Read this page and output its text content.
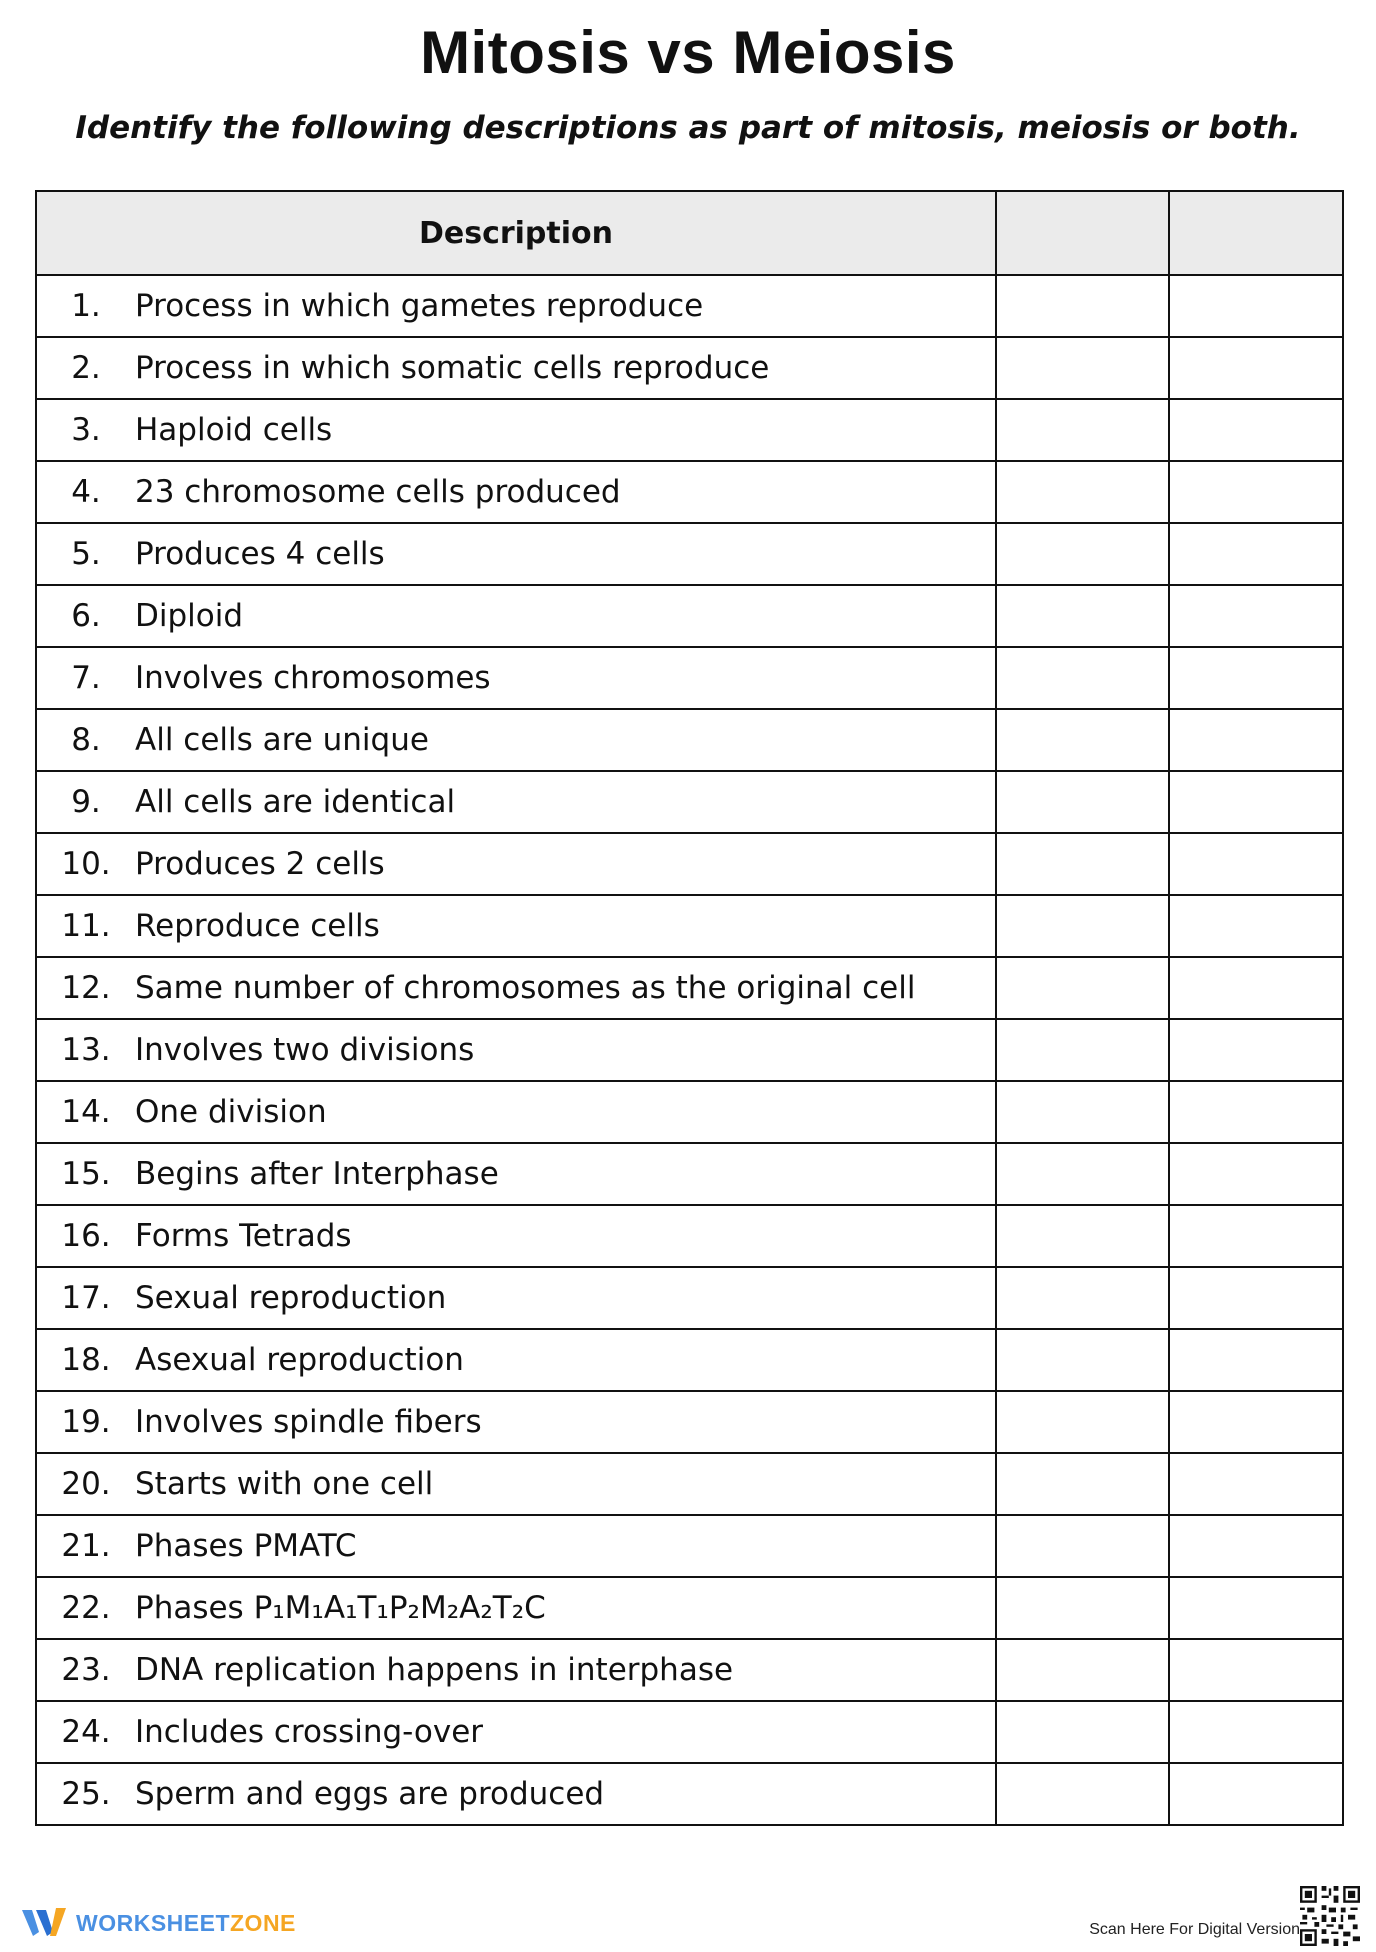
Mitosis vs Meiosis
Identify the following descriptions as part of mitosis, meiosis or both.
Description		

1. Process in which gametes reproduce		

2. Process in which somatic cells reproduce		

3. Haploid cells		

4. 23 chromosome cells produced		

5. Produces 4 cells		

6. Diploid		

7. Involves chromosomes		

8. All cells are unique		

9. All cells are identical		

10. Produces 2 cells		

11. Reproduce cells		

12. Same number of chromosomes as the original cell		

13. Involves two divisions		

14. One division		

15. Begins after Interphase		

16. Forms Tetrads		

17. Sexual reproduction		

18. Asexual reproduction		

19. Involves spindle fibers		

20. Starts with one cell		

21. Phases PMATC		

22. Phases P₁M₁A₁T₁P₂M₂A₂T₂C		

23. DNA replication happens in interphase		

24. Includes crossing-over		

25. Sperm and eggs are produced		

WORKSHEETZONE	Scan Here For Digital Version
